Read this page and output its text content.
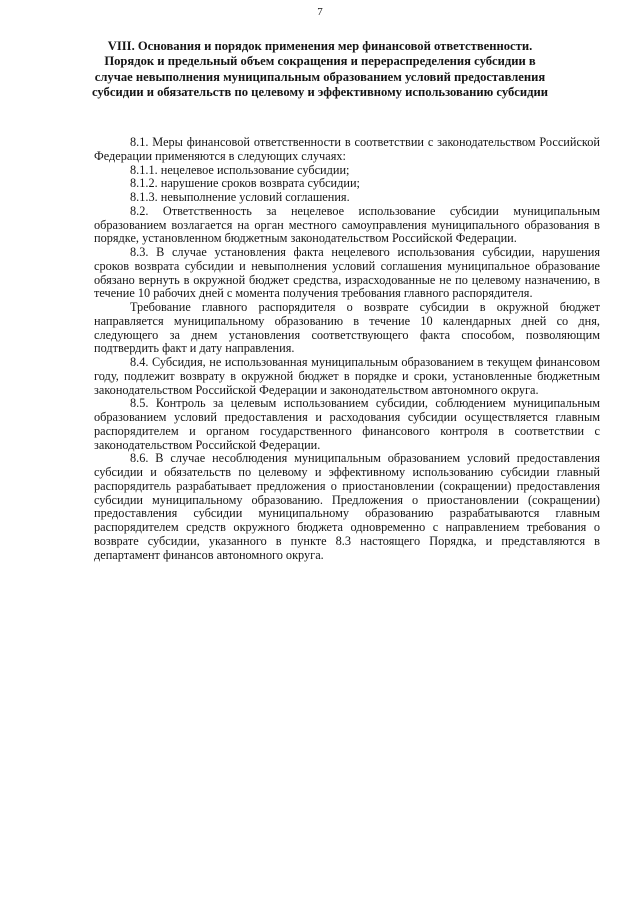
7
VIII. Основания и порядок применения мер финансовой ответственности. Порядок и предельный объем сокращения и перераспределения субсидии в случае невыполнения муниципальным образованием условий предоставления субсидии и обязательств по целевому и эффективному использованию субсидии

8.1. Меры финансовой ответственности в соответствии с законодательством Российской Федерации применяются в следующих случаях:

8.1.1. нецелевое использование субсидии;

8.1.2. нарушение сроков возврата субсидии;

8.1.3. невыполнение условий соглашения.

8.2. Ответственность за нецелевое использование субсидии муниципальным образованием возлагается на орган местного самоуправления муниципального образования в порядке, установленном бюджетным законодательством Российской Федерации.

8.3. В случае установления факта нецелевого использования субсидии, нарушения сроков возврата субсидии и невыполнения условий соглашения муниципальное образование обязано вернуть в окружной бюджет средства, израсходованные не по целевому назначению, в течение 10 рабочих дней с момента получения требования главного распорядителя.

Требование главного распорядителя о возврате субсидии в окружной бюджет направляется муниципальному образованию в течение 10 календарных дней со дня, следующего за днем установления соответствующего факта способом, позволяющим подтвердить факт и дату направления.

8.4. Субсидия, не использованная муниципальным образованием в текущем финансовом году, подлежит возврату в окружной бюджет в порядке и сроки, установленные бюджетным законодательством Российской Федерации и законодательством автономного округа.

8.5. Контроль за целевым использованием субсидии, соблюдением муниципальным образованием условий предоставления и расходования субсидии осуществляется главным распорядителем и органом государственного финансового контроля в соответствии с законодательством Российской Федерации.

8.6. В случае несоблюдения муниципальным образованием условий предоставления субсидии и обязательств по целевому и эффективному использованию субсидии главный распорядитель разрабатывает предложения о приостановлении (сокращении) предоставления субсидии муниципальному образованию. Предложения о приостановлении (сокращении) предоставления субсидии муниципальному образованию разрабатываются главным распорядителем средств окружного бюджета одновременно с направлением требования о возврате субсидии, указанного в пункте 8.3 настоящего Порядка, и представляются в департамент финансов автономного округа.
